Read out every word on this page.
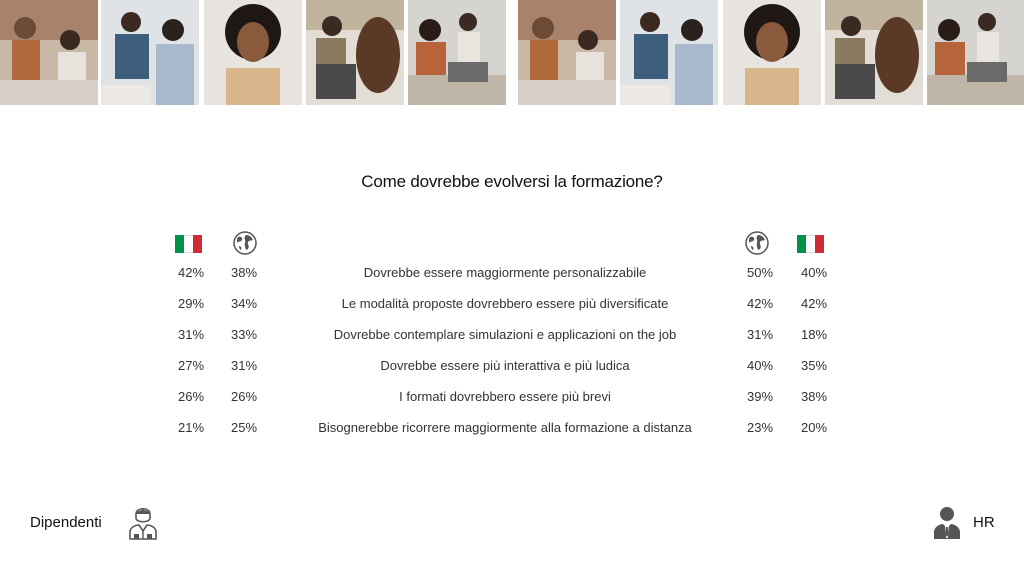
Come dovrebbe evolversi la formazione?
42%	38%	Dovrebbe essere maggiormente personalizzabile	50%	40%
29%	34%	Le modalità proposte dovrebbero essere più diversificate	42%	42%
31%	33%	Dovrebbe contemplare simulazioni e applicazioni on the job	31%	18%
27%	31%	Dovrebbe essere più interattiva e più ludica	40%	35%
26%	26%	I formati dovrebbero essere più brevi	39%	38%
21%	25%	Bisognerebbe ricorrere maggiormente alla formazione a distanza	23%	20%
Dipendenti	HR
